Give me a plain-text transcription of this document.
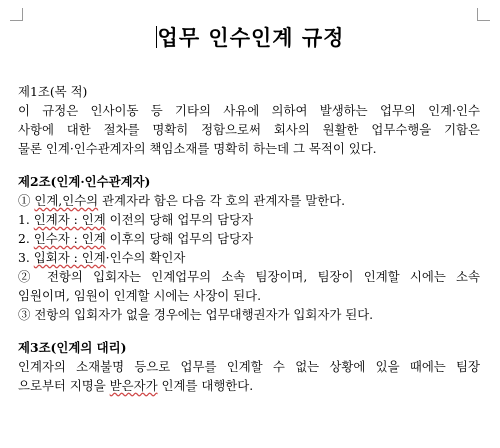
업무 인수인계 규정
제1조(목 적)
이 규정은 인사이동 등 기타의 사유에 의하여 발생하는 업무의 인계·인수
사항에 대한 절차를 명확히 정함으로써 회사의 원활한 업무수행을 기함은
물론 인계·인수관계자의 책임소재를 명확히 하는데 그 목적이 있다.
제2조(인계·인수관계자)
① 인계,인수의 관계자라 함은 다음 각 호의 관계자를 말한다.
1. 인계자 : 인계 이전의 당해 업무의 담당자
2. 인수자 : 인계 이후의 당해 업무의 담당자
3. 입회자 : 인계·인수의 확인자
② 전항의 입회자는 인계업무의 소속 팀장이며, 팀장이 인계할 시에는 소속
임원이며, 임원이 인계할 시에는 사장이 된다.
③ 전항의 입회자가 없을 경우에는 업무대행권자가 입회자가 된다.
제3조(인계의 대리)
인계자의 소재불명 등으로 업무를 인계할 수 없는 상황에 있을 때에는 팀장
으로부터 지명을 받은자가 인계를 대행한다.
